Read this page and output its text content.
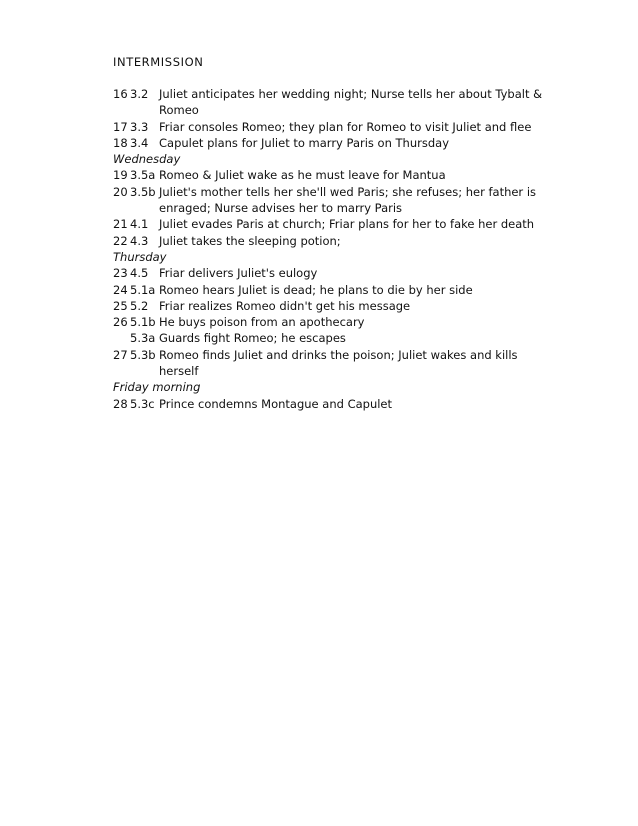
INTERMISSION
16 3.2 Juliet anticipates her wedding night; Nurse tells her about Tybalt &
Romeo
17 3.3 Friar consoles Romeo; they plan for Romeo to visit Juliet and flee
18 3.4 Capulet plans for Juliet to marry Paris on Thursday
Wednesday
19 3.5a Romeo & Juliet wake as he must leave for Mantua
20 3.5b Juliet's mother tells her she'll wed Paris; she refuses; her father is
enraged; Nurse advises her to marry Paris
21 4.1 Juliet evades Paris at church; Friar plans for her to fake her death
22 4.3 Juliet takes the sleeping potion;
Thursday
23 4.5 Friar delivers Juliet's eulogy
24 5.1a Romeo hears Juliet is dead; he plans to die by her side
25 5.2 Friar realizes Romeo didn't get his message
26 5.1b He buys poison from an apothecary
5.3a Guards fight Romeo; he escapes
27 5.3b Romeo finds Juliet and drinks the poison; Juliet wakes and kills herself
Friday morning
28 5.3c Prince condemns Montague and Capulet
